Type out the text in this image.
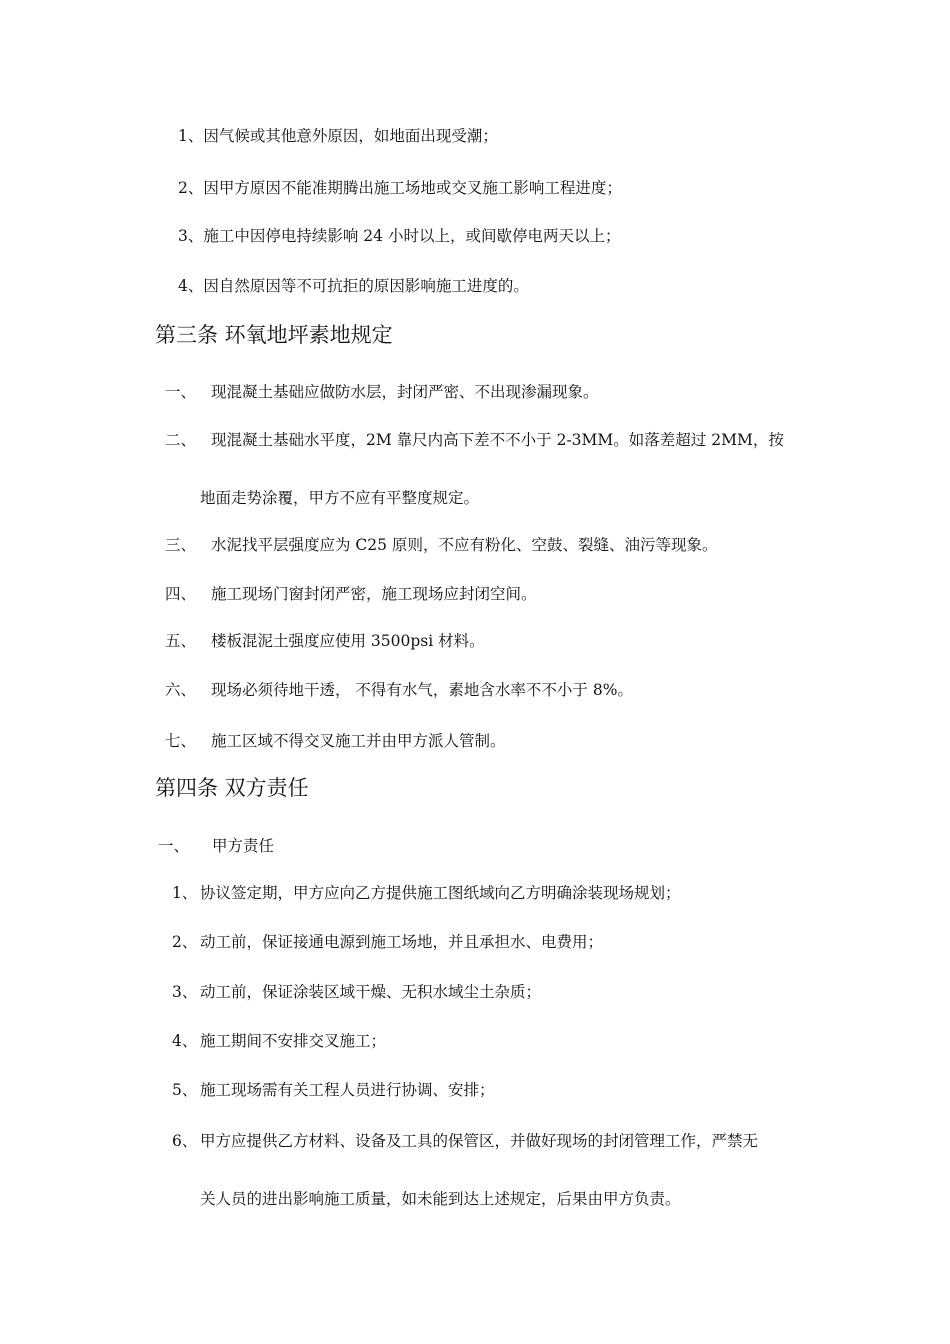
1、因气候或其他意外原因，如地面出现受潮；
2、因甲方原因不能准期腾出施工场地或交叉施工影响工程进度；
3、施工中因停电持续影响 24 小时以上，或间歇停电两天以上；
4、因自然原因等不可抗拒的原因影响施工进度的。
第三条 环氧地坪素地规定
一、 现混凝土基础应做防水层，封闭严密、不出现渗漏现象。
二、 现混凝土基础水平度，2M 靠尺内高下差不不小于 2-3MM。如落差超过 2MM，按
地面走势涂覆，甲方不应有平整度规定。
三、 水泥找平层强度应为 C25 原则，不应有粉化、空鼓、裂缝、油污等现象。
四、 施工现场门窗封闭严密，施工现场应封闭空间。
五、 楼板混泥土强度应使用 3500psi 材料。
六、 现场必须待地干透， 不得有水气，素地含水率不不小于 8%。
七、 施工区域不得交叉施工并由甲方派人管制。
第四条 双方责任
一、 甲方责任
1、 协议签定期，甲方应向乙方提供施工图纸域向乙方明确涂装现场规划；
2、 动工前，保证接通电源到施工场地，并且承担水、电费用；
3、 动工前，保证涂装区域干燥、无积水域尘土杂质；
4、 施工期间不安排交叉施工；
5、 施工现场需有关工程人员进行协调、安排；
6、 甲方应提供乙方材料、设备及工具的保管区，并做好现场的封闭管理工作，严禁无
关人员的进出影响施工质量，如未能到达上述规定，后果由甲方负责。
